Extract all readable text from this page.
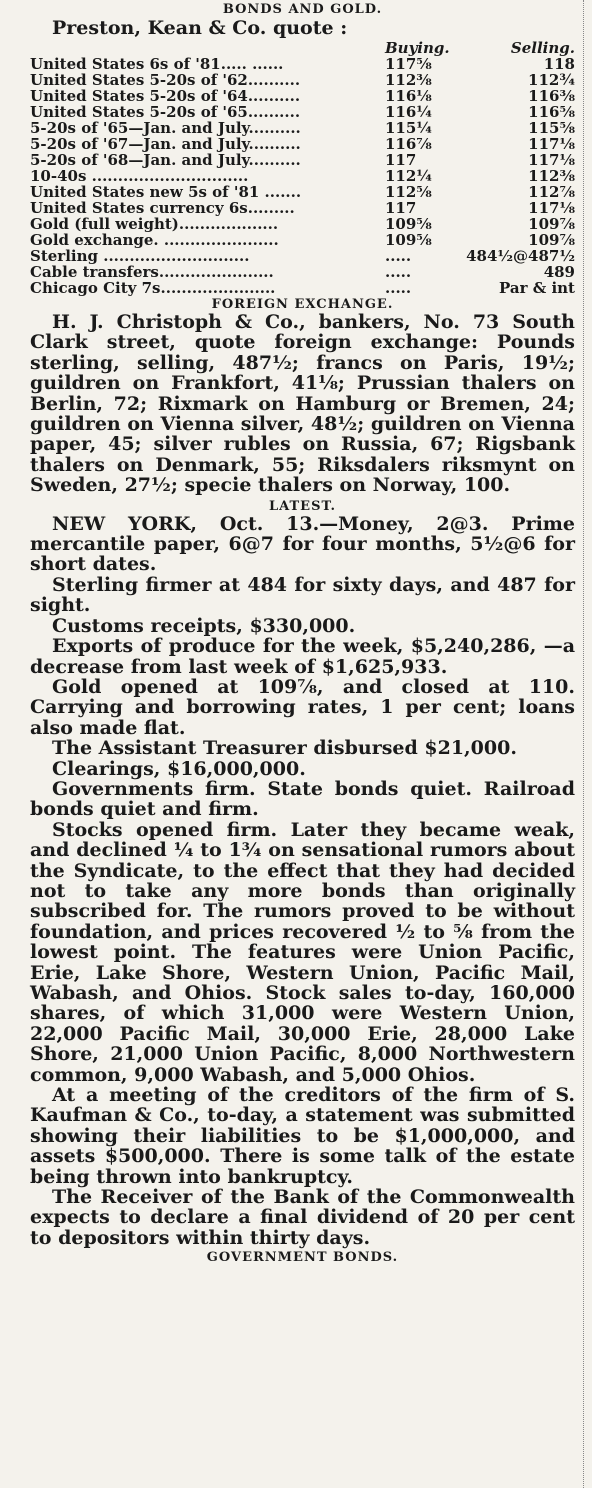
BONDS AND GOLD.
Preston, Kean & Co. quote :
	Buying.	Selling.
United States 6s of '81..... ......	117⅝	118
United States 5-20s of '62..........	112⅜	112¾
United States 5-20s of '64..........	116⅛	116⅜
United States 5-20s of '65..........	116¼	116⅝
5-20s of '65—Jan. and July..........	115¼	115⅝
5-20s of '67—Jan. and July..........	116⅞	117⅛
5-20s of '68—Jan. and July..........	117	117⅛
10-40s ..............................	112¼	112⅜
United States new 5s of '81 .......	112⅝	112⅞
United States currency 6s.........	117	117⅛
Gold (full weight)...................	109⅝	109⅞
Gold exchange. ......................	109⅝	109⅞
Sterling ............................	.....	484½@487½
Cable transfers......................	.....	489
Chicago City 7s......................	.....	Par & int
FOREIGN EXCHANGE.

H. J. Christoph & Co., bankers, No. 73 South Clark street, quote foreign exchange: Pounds sterling, selling, 487½; francs on Paris, 19½; guildren on Frankfort, 41⅛; Prussian thalers on Berlin, 72; Rixmark on Hamburg or Bremen, 24; guildren on Vienna silver, 48½; guildren on Vienna paper, 45; silver rubles on Russia, 67; Rigsbank thalers on Denmark, 55; Riksdalers riksmynt on Sweden, 27½; specie thalers on Norway, 100.

LATEST.

NEW YORK, Oct. 13.—Money, 2@3. Prime mercantile paper, 6@7 for four months, 5½@6 for short dates.

Sterling firmer at 484 for sixty days, and 487 for sight.

Customs receipts, $330,000.

Exports of produce for the week, $5,240,286, —a decrease from last week of $1,625,933.

Gold opened at 109⅞, and closed at 110. Carrying and borrowing rates, 1 per cent; loans also made flat.

The Assistant Treasurer disbursed $21,000.

Clearings, $16,000,000.

Governments firm. State bonds quiet. Railroad bonds quiet and firm.

Stocks opened firm. Later they became weak, and declined ¼ to 1¾ on sensational rumors about the Syndicate, to the effect that they had decided not to take any more bonds than originally subscribed for. The rumors proved to be without foundation, and prices recovered ½ to ⅝ from the lowest point. The features were Union Pacific, Erie, Lake Shore, Western Union, Pacific Mail, Wabash, and Ohios. Stock sales to-day, 160,000 shares, of which 31,000 were Western Union, 22,000 Pacific Mail, 30,000 Erie, 28,000 Lake Shore, 21,000 Union Pacific, 8,000 Northwestern common, 9,000 Wabash, and 5,000 Ohios.

At a meeting of the creditors of the firm of S. Kaufman & Co., to-day, a statement was submitted showing their liabilities to be $1,000,000, and assets $500,000. There is some talk of the estate being thrown into bankruptcy.

The Receiver of the Bank of the Commonwealth expects to declare a final dividend of 20 per cent to depositors within thirty days.

GOVERNMENT BONDS.
